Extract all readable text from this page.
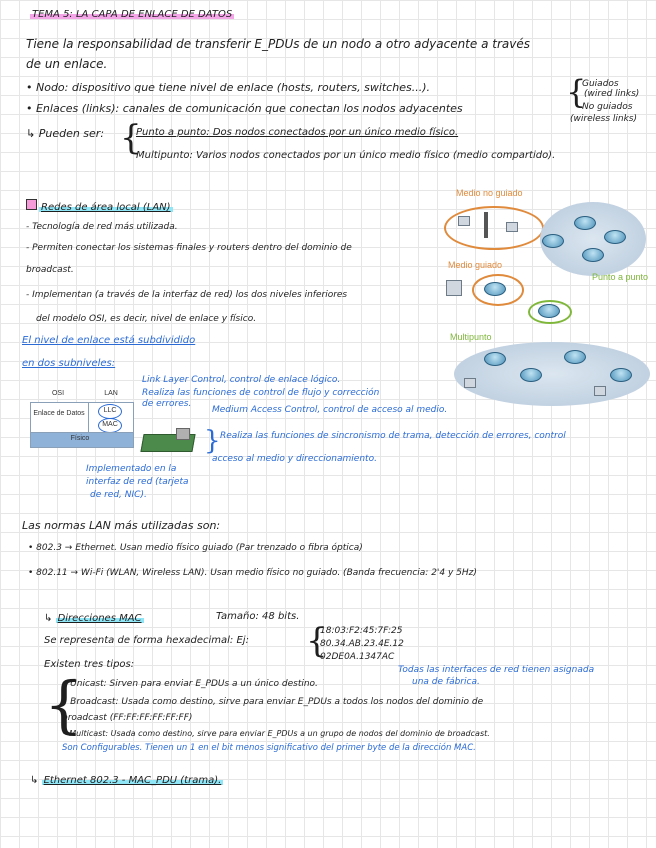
TEMA 5: LA CAPA DE ENLACE DE DATOS
Tiene la responsabilidad de transferir E_PDUs de un nodo a otro adyacente a través
de un enlace.
• Nodo: dispositivo que tiene nivel de enlace (hosts, routers, switches...).
• Enlaces (links): canales de comunicación que conectan los nodos adyacentes	{
Guiados
(wired links)
No guiados
(wireless links)
↳ Pueden ser: {
Punto a punto: Dos nodos conectados por un único medio físico.
Multipunto: Varios nodos conectados por un único medio físico (medio compartido).
Redes de área local (LAN)
- Tecnología de red más utilizada.
- Permiten conectar los sistemas finales y routers dentro del dominio de
broadcast.
- Implementan (a través de la interfaz de red) los dos niveles inferiores
del modelo OSI, es decir, nivel de enlace y físico.
El nivel de enlace está subdividido
en dos subniveles:
Medio no guiado
Medio guiado
Punto a punto
Multipunto
OSI	LAN
Enlace de Datos	LLC
MAC
Físico
Link Layer Control, control de enlace lógico.
Realiza las funciones de control de flujo y corrección
de errores.
Medium Access Control, control de acceso al medio.
} Realiza las funciones de sincronismo de trama, detección de errores, control
acceso al medio y direccionamiento.
Implementado en la
interfaz de red (tarjeta
de red, NIC).
Las normas LAN más utilizadas son:
• 802.3 → Ethernet. Usan medio físico guiado (Par trenzado o fibra óptica)
• 802.11 → Wi-Fi (WLAN, Wireless LAN). Usan medio físico no guiado. (Banda frecuencia: 2'4 y 5Hz)
↳ Direcciones MAC	Tamaño: 48 bits.
Se representa de forma hexadecimal: Ej: {
18:03:F2:45:7F:25
80.34.AB.23.4E.12
02DE0A.1347AC
Existen tres tipos:
{
• Unicast: Sirven para enviar E_PDUs a un único destino.
Todas las interfaces de red tienen asignada
una de fábrica.
• Broadcast: Usada como destino, sirve para enviar E_PDUs a todos los nodos del dominio de
broadcast (FF:FF:FF:FF:FF:FF)
• Multicast: Usada como destino, sirve para enviar E_PDUs a un grupo de nodos del dominio de broadcast.
Son Configurables. Tienen un 1 en el bit menos significativo del primer byte de la dirección MAC.
↳ Ethernet 802.3 - MAC_PDU (trama).
